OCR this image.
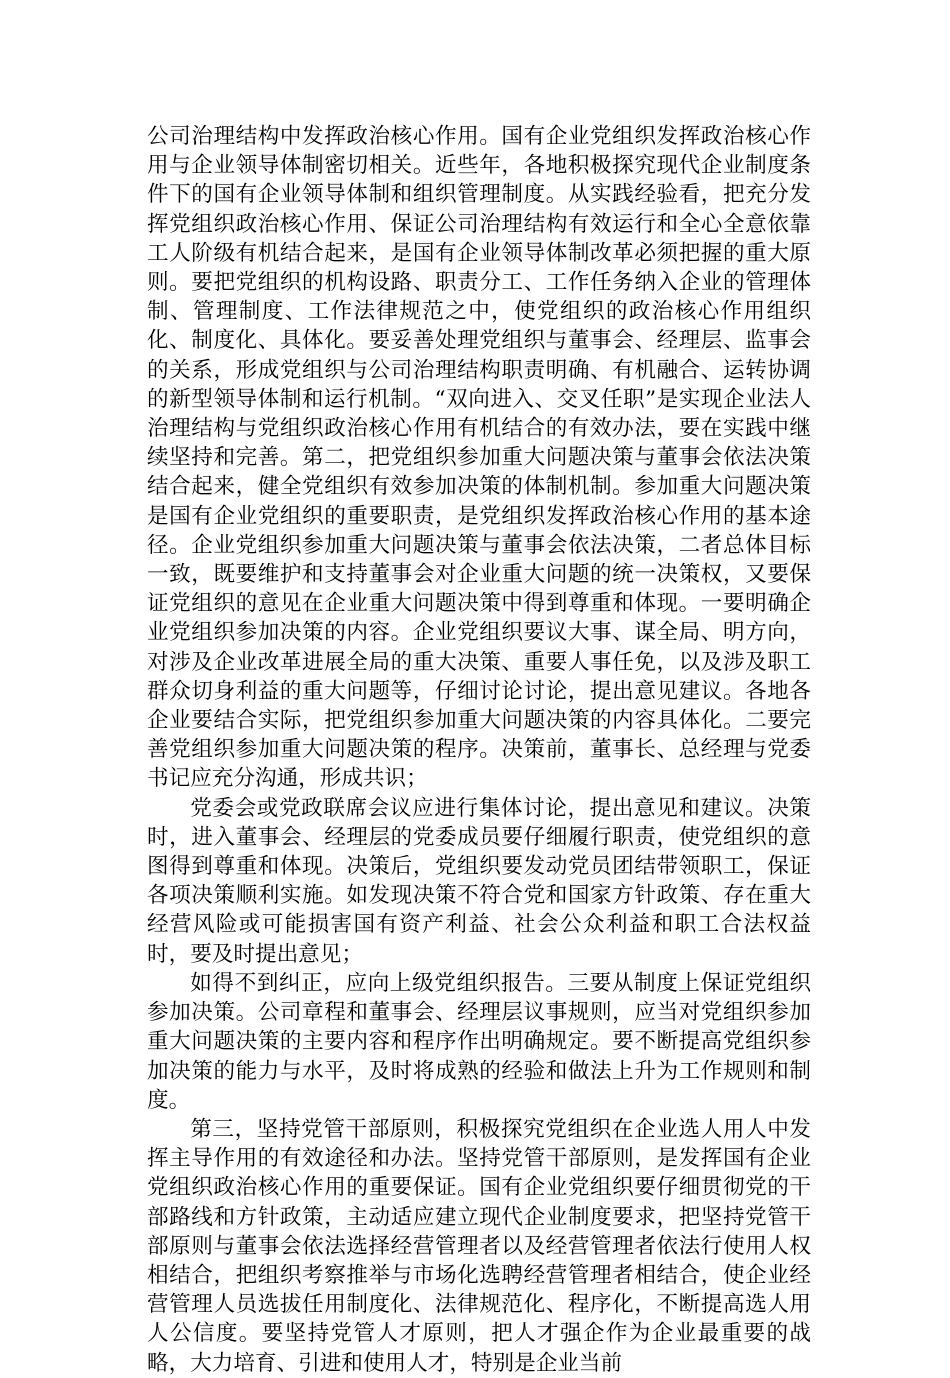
公司治理结构中发挥政治核心作用。国有企业党组织发挥政治核心作用与企业领导体制密切相关。近些年，各地积极探究现代企业制度条件下的国有企业领导体制和组织管理制度。从实践经验看，把充分发挥党组织政治核心作用、保证公司治理结构有效运行和全心全意依靠工人阶级有机结合起来，是国有企业领导体制改革必须把握的重大原则。要把党组织的机构设路、职责分工、工作任务纳入企业的管理体制、管理制度、工作法律规范之中，使党组织的政治核心作用组织化、制度化、具体化。要妥善处理党组织与董事会、经理层、监事会的关系，形成党组织与公司治理结构职责明确、有机融合、运转协调的新型领导体制和运行机制。“双向进入、交叉任职”是实现企业法人治理结构与党组织政治核心作用有机结合的有效办法，要在实践中继续坚持和完善。第二，把党组织参加重大问题决策与董事会依法决策结合起来，健全党组织有效参加决策的体制机制。参加重大问题决策是国有企业党组织的重要职责，是党组织发挥政治核心作用的基本途径。企业党组织参加重大问题决策与董事会依法决策，二者总体目标一致，既要维护和支持董事会对企业重大问题的统一决策权，又要保证党组织的意见在企业重大问题决策中得到尊重和体现。一要明确企业党组织参加决策的内容。企业党组织要议大事、谋全局、明方向，对涉及企业改革进展全局的重大决策、重要人事任免，以及涉及职工群众切身利益的重大问题等，仔细讨论讨论，提出意见建议。各地各企业要结合实际，把党组织参加重大问题决策的内容具体化。二要完善党组织参加重大问题决策的程序。决策前，董事长、总经理与党委书记应充分沟通，形成共识；

党委会或党政联席会议应进行集体讨论，提出意见和建议。决策时，进入董事会、经理层的党委成员要仔细履行职责，使党组织的意图得到尊重和体现。决策后，党组织要发动党员团结带领职工，保证各项决策顺利实施。如发现决策不符合党和国家方针政策、存在重大经营风险或可能损害国有资产利益、社会公众利益和职工合法权益时，要及时提出意见；

如得不到纠正，应向上级党组织报告。三要从制度上保证党组织参加决策。公司章程和董事会、经理层议事规则，应当对党组织参加重大问题决策的主要内容和程序作出明确规定。要不断提高党组织参加决策的能力与水平，及时将成熟的经验和做法上升为工作规则和制度。

第三，坚持党管干部原则，积极探究党组织在企业选人用人中发挥主导作用的有效途径和办法。坚持党管干部原则，是发挥国有企业党组织政治核心作用的重要保证。国有企业党组织要仔细贯彻党的干部路线和方针政策，主动适应建立现代企业制度要求，把坚持党管干部原则与董事会依法选择经营管理者以及经营管理者依法行使用人权相结合，把组织考察推举与市场化选聘经营管理者相结合，使企业经营管理人员选拔任用制度化、法律规范化、程序化，不断提高选人用人公信度。要坚持党管人才原则，把人才强企作为企业最重要的战略，大力培育、引进和使用人才，特别是企业当前
